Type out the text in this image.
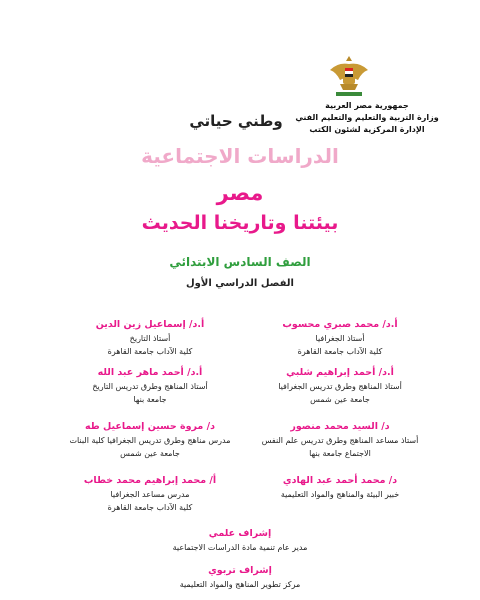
جمهورية مصر العربية
وزارة التربية والتعليم والتعليم الفني
الإدارة المركزية لشئون الكتب
وطني حياتي
الدراسات الاجتماعية
مصر
بيئتنا وتاريخنا الحديث
الصف السادس الابتدائي
الفصل الدراسي الأول
أ.د/ محمد صبري محسوب
أستاذ الجغرافيا
كلية الآداب جامعة القاهرة
أ.د/ إسماعيل زين الدين
أستاذ التاريخ
كلية الآداب جامعة القاهرة
أ.د/ أحمد إبراهيم شلبي
أستاذ المناهج وطرق تدريس الجغرافيا
جامعة عين شمس
أ.د/ أحمد ماهر عبد الله
أستاذ المناهج وطرق تدريس التاريخ
جامعة بنها
د/ السيد محمد منصور
أستاذ مساعد المناهج وطرق تدريس علم النفس
الاجتماع جامعة بنها
د/ مروة حسين إسماعيل طه
مدرس مناهج وطرق تدريس الجغرافيا كلية البنات
جامعة عين شمس
د/ محمد أحمد عبد الهادي
خبير البيئة والمناهج والمواد التعليمية
أ/ محمد إبراهيم محمد خطاب
مدرس مساعد الجغرافيا
كلية الآداب جامعة القاهرة
إشراف علمي
مدير عام تنمية مادة الدراسات الاجتماعية
إشراف تربوي
مركز تطوير المناهج والمواد التعليمية
